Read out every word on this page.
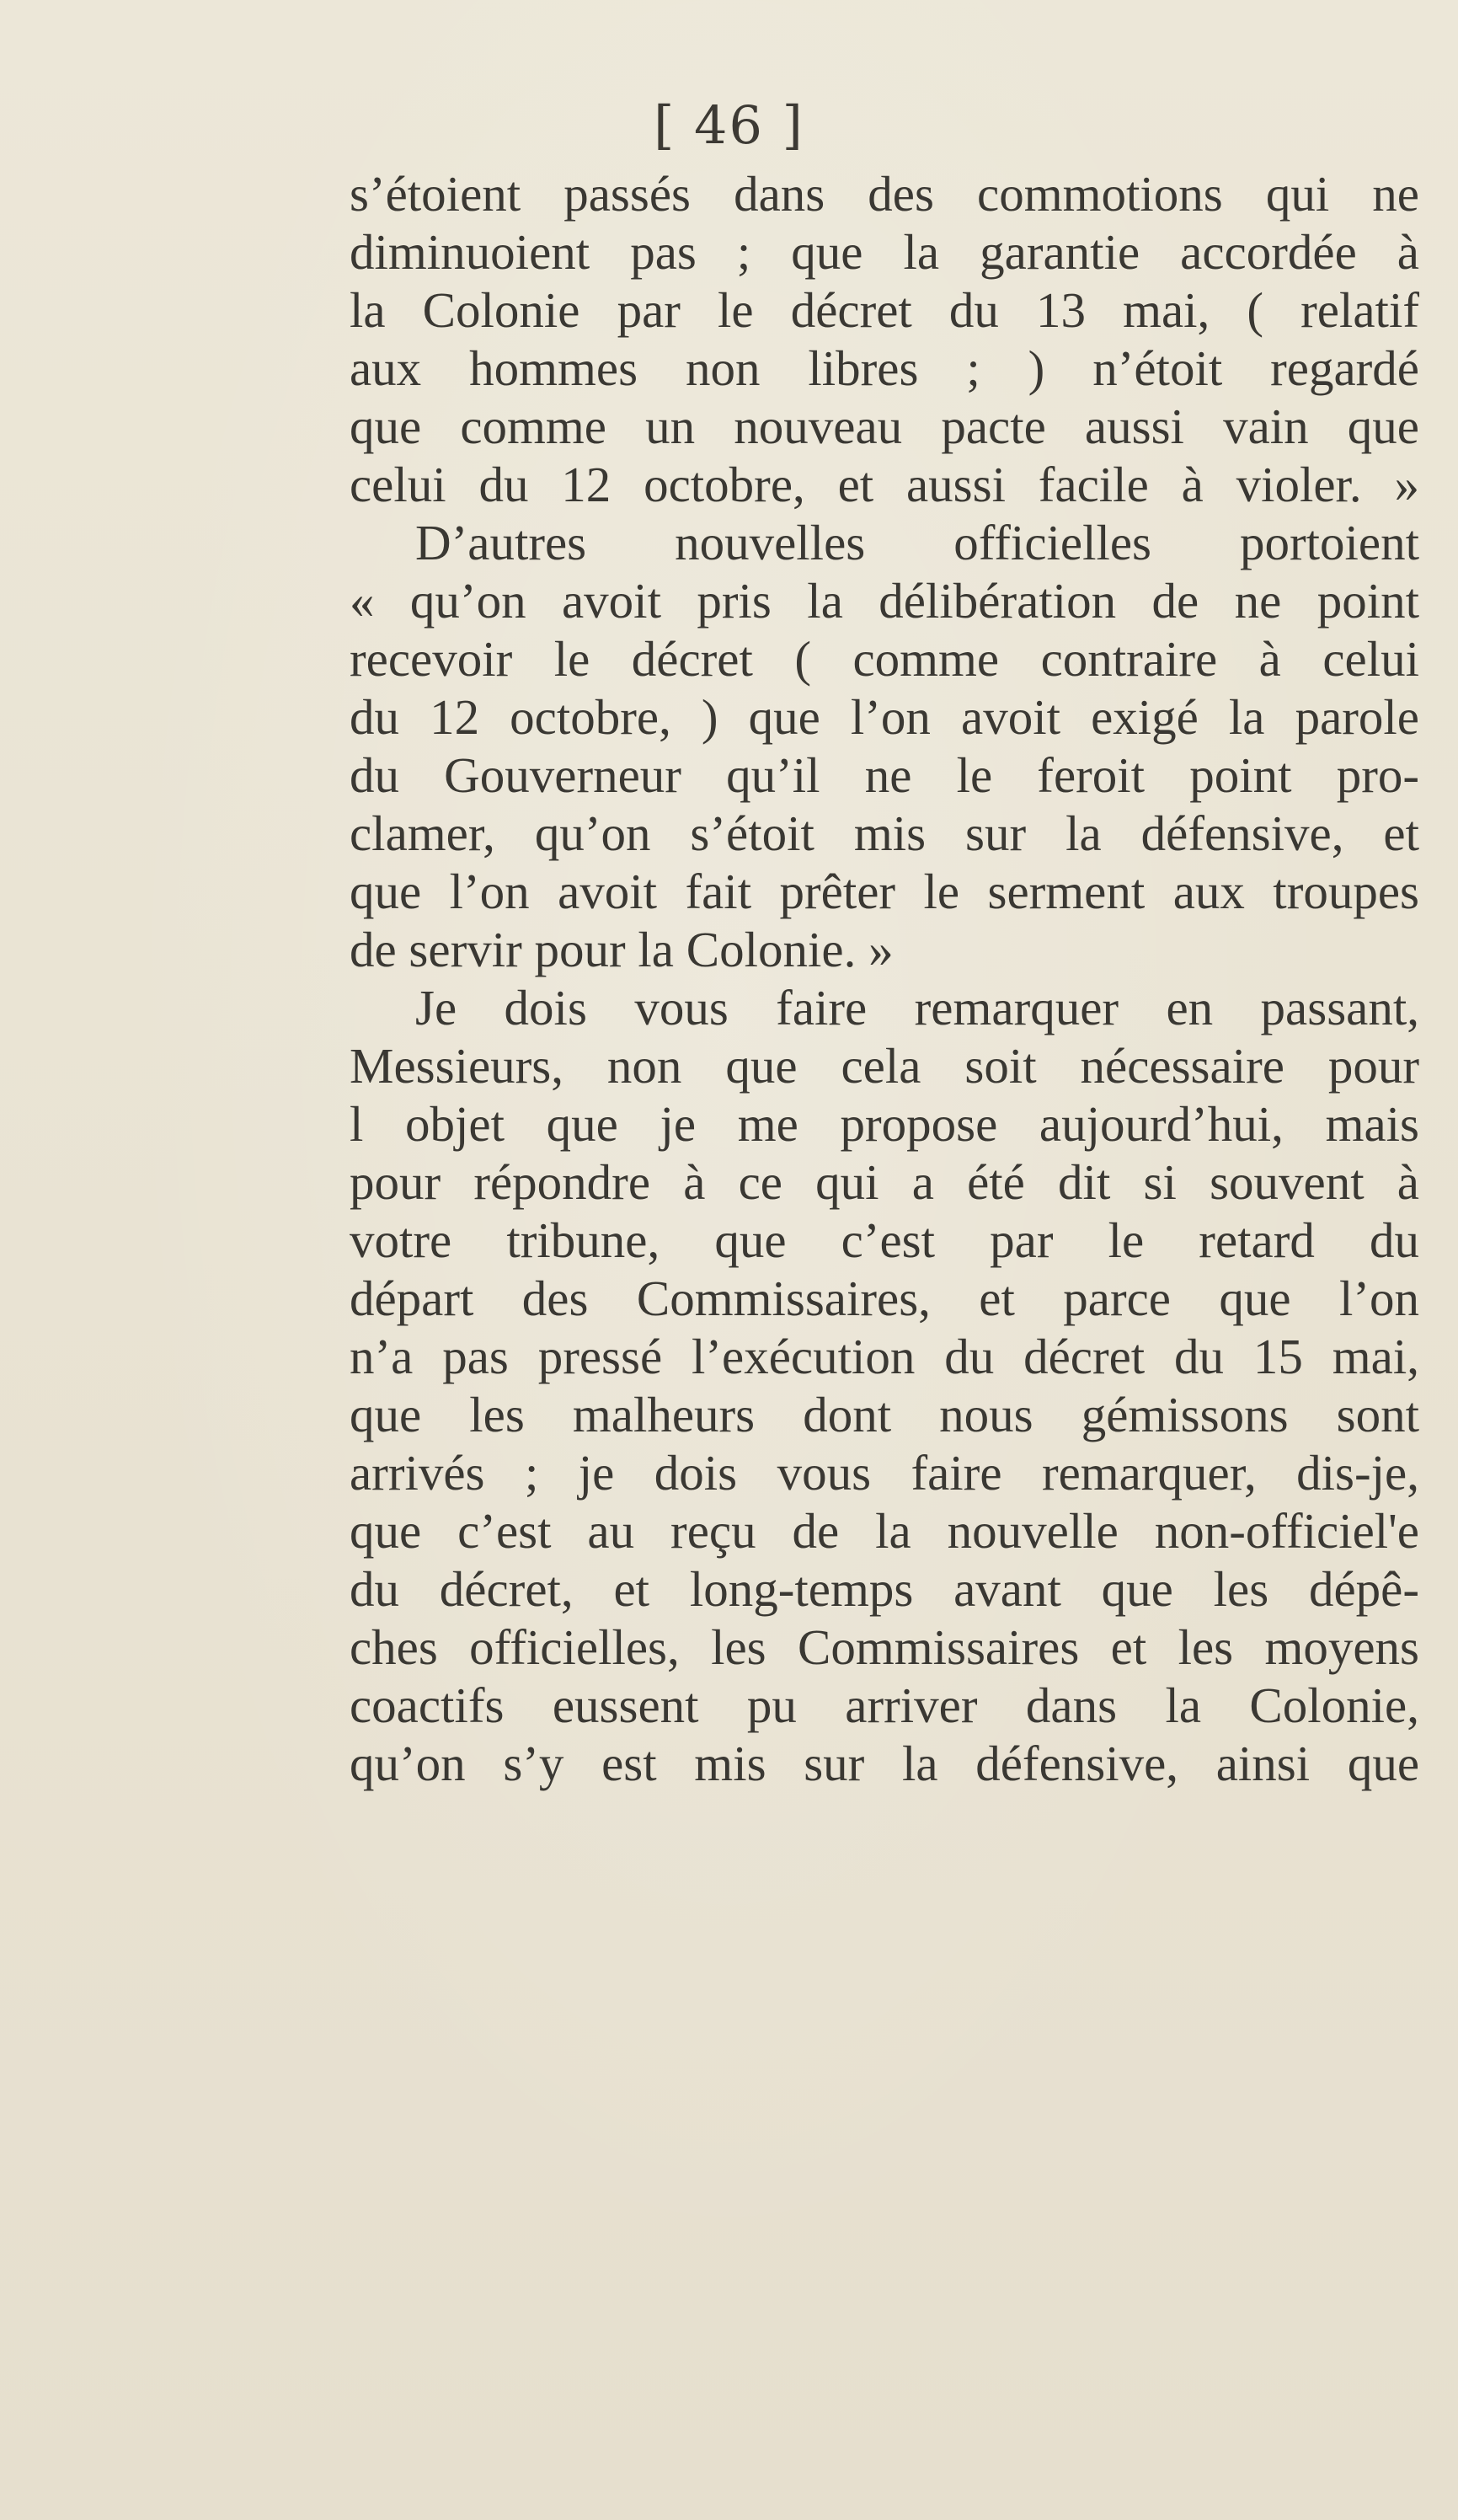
[ 46 ]

s’étoient passés dans des commotions qui ne

diminuoient pas ; que la garantie accordée à

la Colonie par le décret du 13 mai, ( relatif

aux hommes non libres ; ) n’étoit regardé

que comme un nouveau pacte aussi vain que

celui du 12 octobre, et aussi facile à violer. »

D’autres nouvelles officielles portoient

« qu’on avoit pris la délibération de ne point

recevoir le décret ( comme contraire à celui

du 12 octobre, ) que l’on avoit exigé la parole

du Gouverneur qu’il ne le feroit point pro-

clamer, qu’on s’étoit mis sur la défensive, et

que l’on avoit fait prêter le serment aux troupes

de servir pour la Colonie. »

Je dois vous faire remarquer en passant,

Messieurs, non que cela soit nécessaire pour

l objet que je me propose aujourd’hui, mais

pour répondre à ce qui a été dit si souvent à

votre tribune, que c’est par le retard du

départ des Commissaires, et parce que l’on

n’a pas pressé l’exécution du décret du 15 mai,

que les malheurs dont nous gémissons sont

arrivés ; je dois vous faire remarquer, dis-je,

que c’est au reçu de la nouvelle non-officiel'e

du décret, et long-temps avant que les dépê-

ches officielles, les Commissaires et les moyens

coactifs eussent pu arriver dans la Colonie,

qu’on s’y est mis sur la défensive, ainsi que
